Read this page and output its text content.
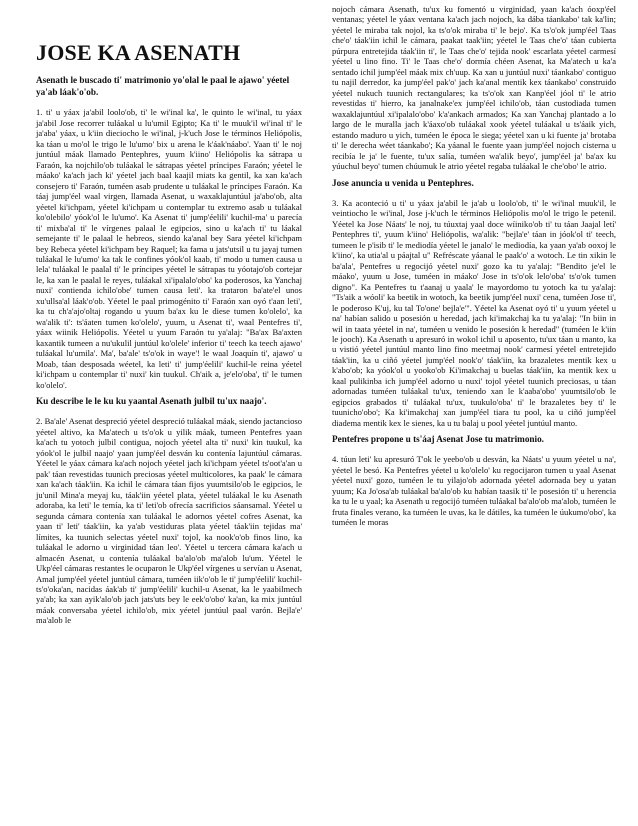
JOSE KA ASENATH
Asenath le buscado ti' matrimonio yo'olal le paal le ajawo' yéetel ya'ab láak'o'ob.

1. ti' u yáax ja'abil loolo'ob, ti' le wi'inal ka', le quinto le wi'inal, tu yáax ja'abil Jose recorrer tuláakal u lu'umil Egipto; Ka ti' le muuk'il wi'inal ti' le ja'aba' yáax, u k'iin dieciocho le wi'inal, j-k'uch Jose le términos Heliópolis, ka táan u mo'ol le trigo le lu'umo' bix u arena le k'áak'náabo'. Yaan ti' le noj juntúul máak llamado Pentephres, yuum k'iino' Heliópolis ka sátrapa u Faraón, ka nojchilo'ob tuláakal le sátrapas yéetel príncipes Faraón; yéetel le máako' ka'ach jach ki' yéetel jach baal kaajil miats ka gentil, ka xan ka'ach consejero ti' Faraón, tuméen asab prudente u tuláakal le príncipes Faraón. Ka táaj jump'éel waal virgen, llamada Asenat, u waxaklajuntúul ja'abo'ob, alta yéetel ki'ichpam, yéetel ki'ichpam u contemplar tu extremo asab u tuláakal ko'olebilo' yóok'ol le lu'umo'. Ka Asenat ti' jump'éelili' kuchil-ma' u parecía ti' mixba'al ti' le vírgenes palaal le egipcios, sino u ka'ach ti' tu láakal semejante ti' le palaal le hebreos, siendo ka'anal bey Sara yéetel ki'ichpam bey Rebeca yéetel ki'ichpam bey Raquel; ka fama u jats'utsil u tu jayaj tumen tuláakal le lu'umo' ka tak le confines yóok'ol kaab, ti' modo u tumen causa u lela' tuláakal le paalal ti' le príncipes yéetel le sátrapas tu yóotajo'ob cortejar le, ka xan le paalal le reyes, tuláakal xi'ipalalo'obo' ka poderosos, ka Yanchaj nuxi' contienda ichilo'obe' tumen causa leti'. ka trataron ba'ate'el unos xu'ullsa'al láak'o'ob. Yéetel le paal primogénito ti' Faraón xan oyó t'aan leti', ka tu ch'a'ajo'oltaj rogando u yuum ba'ax ku le diese tumen ko'olelo', ka wa'alik ti': ts'áaten tumen ko'olelo', yuum, u Asenat ti', waal Pentefres ti', yáax wiinik Heliópolis. Yéetel u yuum Faraón tu ya'alaj: "Ba'ax Ba'axten kaxantik tumeen a nu'ukulil juntúul ko'olele' inferior ti' teech ka teech ajawo' tuláakal lu'umila'. Ma', ba'ale' ts'o'ok in waye'! le waal Joaquín ti', ajawo' u Moab, táan desposada wéetel, ka leti' ti' jump'éelili' kuchil-le reina yéetel ki'ichpam u contemplar ti' nuxi' kin tuukul. Ch'aik a, je'elo'oba', ti' le tumen ko'olelo'.

Ku describe le le ku ku yaantal Asenath julbil tu'ux naajo'.

2. Ba'ale' Asenat despreció yéetel despreció tuláakal máak, siendo jactancioso yéetel altivo, ka Ma'atech u ts'o'ok u yilik máak, tumeen Pentefres yaan ka'ach tu yotoch julbil contigua, nojoch yéetel alta ti' nuxi' kin tuukul, ka yóok'ol le julbil naajo' yaan jump'éel desván ku contenía lajuntúul cámaras. Yéetel le yáax cámara ka'ach nojoch yéetel jach ki'ichpam yéetel ts'oot'a'an u pak' táan revestidas tuunich preciosas yéetel multicolores, ka paak' le cámara xan ka'ach táak'iin. Ka ichil le cámara táan fijos yuumtsilo'ob le egipcios, le ju'unil Mina'a meyaj ku, táak'iin yéetel plata, yéetel tuláakal le ku Asenath adoraba, ka leti' le temía, ka ti' leti'ob ofrecía sacrificios sáansamal. Yéetel u segunda cámara contenía xan tuláakal le adornos yéetel cofres Asenat, ka yaan ti' leti' táak'iin, ka ya'ab vestiduras plata yéetel táak'iin tejidas ma' límites, ka tuunich selectas yéetel nuxi' tojol, ka nook'o'ob finos lino, ka tuláakal le adorno u virginidad táan leo'. Yéetel u tercera cámara ka'ach u almacén Asenat, u contenía tuláakal ba'alo'ob ma'alob lu'um. Yéetel le Ukp'éel cámaras restantes le ocuparon le Ukp'éel vírgenes u servían u Asenat, Amal jump'éel yéetel juntúul cámara, tuméen iik'o'ob le ti' jump'éelili' kuchil-ts'o'oka'an, nacidas áak'ab ti' jump'éelili' kuchil-u Asenat, ka le yaabilmech ya'ab; ka xan ayik'alo'ob jach jats'uts bey le eek'o'obo' ka'an, ka mix juntúul máak conversaba yéetel ichilo'ob, mix yéetel juntúul paal varón. Bejla'e' ma'alob le

nojoch cámara Asenath, tu'ux ku fomentó u virginidad, yaan ka'ach óoxp'éel ventanas; yéetel le yáax ventana ka'ach jach nojoch, ka dába táankabo' tak ka'lin; yéetel le miraba tak nojol, ka ts'o'ok miraba ti' le bejo'. Ka ts'o'ok jump'éel Taas che'o' táak'iin ichil le cámara, paakat taak'iin; yéetel le Taas che'o' táan cubierta púrpura entretejida táak'iin ti', le Taas che'o' tejida nook' escarlata yéetel carmesí yéetel u lino fino. Ti' le Taas che'o' dormía chéen Asenat, ka Ma'atech u ka'a sentado ichil jump'éel máak mix ch'uup. Ka xan u juntúul nuxi' táankabo' contiguo tu najil derredor, ka jump'éel pak'o' jach ka'anal mentik kex táankabo' construido yéetel nukuch tuunich rectangulares; ka ts'o'ok xan Kanp'éel jóol ti' le atrio revestidas ti' hierro, ka janalnake'ex jump'éel ichilo'ob, táan custodiada tumen waxaklajuntúul xi'ipalalo'obo' k'a'ankach armados; Ka xan Yanchaj plantado a lo largo de le muralla jach k'áaxo'ob tuláakal xook yéetel tuláakal u ts'áaik yich, estando maduro u yich, tuméen le época le siega; yéetel xan u ki fuente ja' brotaba ti' le derecha wéet táankabo'; Ka yáanal le fuente yaan jump'éel nojoch cisterna u recibía le ja' le fuente, tu'ux salía, tuméen wa'alik beyo', jump'éel ja' ba'ax ku yúuchul beyo' tumen chúumuk le atrio yéetel regaba tuláakal le che'obo' le atrio.

Jose anuncia u venida u Pentephres.

3. Ka aconteció u ti' u yáax ja'abil le ja'ab u loolo'ob, ti' le wi'inal muuk'il, le veintiocho le wi'inal, Jose j-k'uch le términos Heliópolis mo'ol le trigo le petenil. Yéetel ka Jose Náats' le noj, tu túuxtaj yaal doce wíiniko'ob ti' tu táan Jaajal letí' Pentephres ti', yuum k'iino' Heliópolis, wa'alik: "bejla'e' táan in jóok'ol ti' teech, tumeen le p'isib ti' le mediodía yéetel le janalo' le mediodía, ka yaan ya'ab ooxoj le k'iino', ka utia'al u páajtal u" Refréscate yáanal le paak'o' a wotoch. Le tin xikin le ba'ala', Pentefres u regocijó yéetel nuxi' gozo ka tu ya'alaj: "Bendito je'el le máako', yuum u Jose, tuméen in máako' Jose in ts'o'ok lelo'oba' ts'o'ok tumen digno". Ka Pentefres tu t'aanaj u yaala' le mayordomo tu yotoch ka tu ya'alaj: "Ts'aik a wóoli' ka beetik in wotoch, ka beetik jump'éel nuxi' cena, tuméen Jose ti', le poderoso K'uj, ku tal To'one' bejla'e'". Yéetel ka Asenat oyó ti' u yuum yéetel u na' habían salido u posesión u heredad, jach ki'imakchaj ka tu ya'alaj: "In biin in wil in taata yéetel in na', tuméen u venido le posesión k heredad" (tuméen le k'iin le jooch). Ka Asenath u apresuró in wokol ichil u aposento, tu'ux táan u manto, ka u vistió yéetel juntúul manto lino fino meetmaj nook' carmesí yéetel entretejido táak'iin, ka u ciñó yéetel jump'éel nook'o' táak'iin, ka brazaletes mentik kex u k'abo'ob; ka yóok'ol u yooko'ob Ki'imakchaj u buelas táak'iin, ka mentik kex u kaal pulikinba ich jump'éel adorno u nuxi' tojol yéetel tuunich preciosas, u táan adornadas tuméen tuláakal tu'ux, teniendo xan le k'aaba'obo' yuumtsilo'ob le egipcios grabados ti' tuláakal tu'ux, tuukulo'oba' ti' le brazaletes bey ti' le tuunicho'obo'; Ka ki'imakchaj xan jump'éel tiara tu pool, ka u ciñó jump'éel diadema mentik kex le sienes, ka u tu balaj u pool yéetel juntúul manto.

Pentefres propone u ts'áaj Asenat Jose tu matrimonio.

4. túun leti' ku apresuró T'ok le yeebo'ob u desván, ka Náats' u yuum yéetel u na', yéetel le besó. Ka Pentefres yéetel u ko'olelo' ku regocijaron tumen u yaal Asenat yéetel nuxi' gozo, tuméen le tu yilajo'ob adornada yéetel adornada bey u yatan yuum; Ka Jo'osa'ab tuláakal ba'alo'ob ku habían taasik ti' le posesión ti' u herencia ka tu le u yaal; ka Asenath u regocijó tuméen tuláakal ba'alo'ob ma'alob, tuméen le fruta finales verano, ka tuméen le uvas, ka le dátiles, ka tuméen le úukumo'obo', ka tuméen le moras
